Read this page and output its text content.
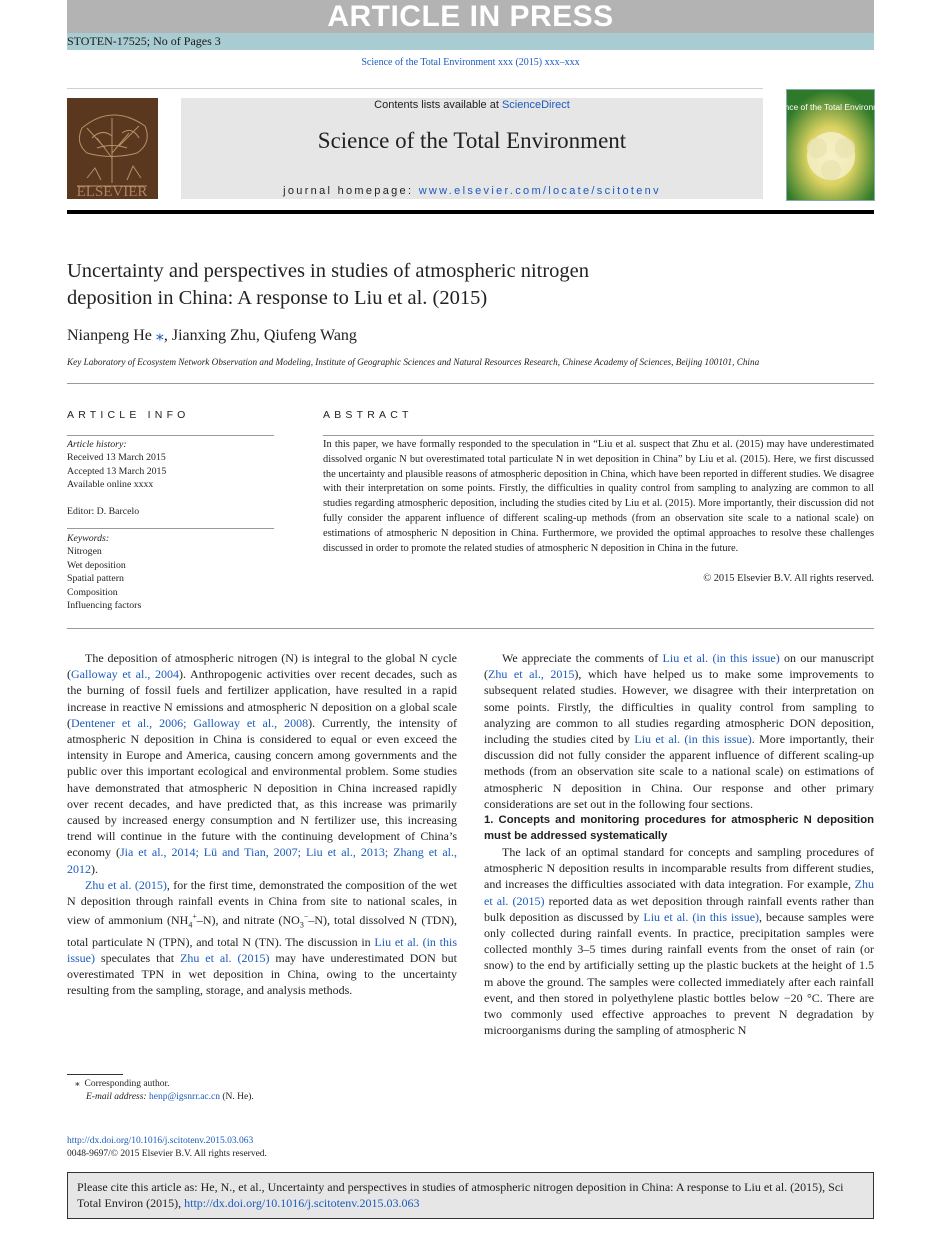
ARTICLE IN PRESS
STOTEN-17525; No of Pages 3
Science of the Total Environment xxx (2015) xxx–xxx
ELSEVIER
Contents lists available at ScienceDirect
Science of the Total Environment
journal homepage: www.elsevier.com/locate/scitotenv
Science of the Total Environment
Uncertainty and perspectives in studies of atmospheric nitrogen
deposition in China: A response to Liu et al. (2015)
Nianpeng He ⁎, Jianxing Zhu, Qiufeng Wang
Key Laboratory of Ecosystem Network Observation and Modeling, Institute of Geographic Sciences and Natural Resources Research, Chinese Academy of Sciences, Beijing 100101, China
ARTICLE INFO	ABSTRACT
Article history:
Received 13 March 2015
Accepted 13 March 2015
Available online xxxx
Editor: D. Barcelo
Keywords:
Nitrogen
Wet deposition
Spatial pattern
Composition
Influencing factors
In this paper, we have formally responded to the speculation in “Liu et al. suspect that Zhu et al. (2015) may have underestimated dissolved organic N but overestimated total particulate N in wet deposition in China” by Liu et al. (2015). Here, we first discussed the uncertainty and plausible reasons of atmospheric deposition in China, which have been reported in different studies. We disagree with their interpretation on some points. Firstly, the difficulties in quality control from sampling to analyzing are common to all studies regarding atmospheric deposition, including the studies cited by Liu et al. (2015). More importantly, their discussion did not fully consider the apparent influence of different scaling-up methods (from an observation site scale to a national scale) on estimations of atmospheric N deposition in China. Furthermore, we provided the optimal approaches to resolve these challenges discussed in order to promote the related studies of atmospheric N deposition in China in the future.
© 2015 Elsevier B.V. All rights reserved.

The deposition of atmospheric nitrogen (N) is integral to the global N cycle (Galloway et al., 2004). Anthropogenic activities over recent decades, such as the burning of fossil fuels and fertilizer application, have resulted in a rapid increase in reactive N emissions and atmospheric N deposition on a global scale (Dentener et al., 2006; Galloway et al., 2008). Currently, the intensity of atmospheric N deposition in China is considered to equal or even exceed the intensity in Europe and America, causing concern among governments and the public over this important ecological and environmental problem. Some studies have demonstrated that atmospheric N deposition in China increased rapidly over recent decades, and have predicted that, as this increase was primarily caused by increased energy consumption and N fertilizer use, this increasing trend will continue in the future with the continuing development of China’s economy (Jia et al., 2014; Lü and Tian, 2007; Liu et al., 2013; Zhang et al., 2012).

Zhu et al. (2015), for the first time, demonstrated the composition of the wet N deposition through rainfall events in China from site to national scales, in view of ammonium $(NH_4^+-N)$, and nitrate $(NO_3^--N)$, total dissolved N (TDN), total particulate N (TPN), and total N (TN). The discussion in Liu et al. (in this issue) speculates that Zhu et al. (2015) may have underestimated DON but overestimated TPN in wet deposition in China, owing to the uncertainty resulting from the sampling, storage, and analysis methods.

We appreciate the comments of Liu et al. (in this issue) on our manuscript (Zhu et al., 2015), which have helped us to make some improvements to subsequent related studies. However, we disagree with their interpretation on some points. Firstly, the difficulties in quality control from sampling to analyzing are common to all studies regarding atmospheric DON deposition, including the studies cited by Liu et al. (in this issue). More importantly, their discussion did not fully consider the apparent influence of different scaling-up methods (from an observation site scale to a national scale) on estimations of atmospheric N deposition in China. Our response and other primary considerations are set out in the following four sections.

1. Concepts and monitoring procedures for atmospheric N deposition must be addressed systematically

The lack of an optimal standard for concepts and sampling procedures of atmospheric N deposition results in incomparable results from different studies, and increases the difficulties associated with data integration. For example, Zhu et al. (2015) reported data as wet deposition through rainfall events rather than bulk deposition as discussed by Liu et al. (in this issue), because samples were only collected during rainfall events. In practice, precipitation samples were collected monthly 3–5 times during rainfall events from the onset of rain (or snow) to the end by artificially setting up the plastic buckets at the height of 1.5 m above the ground. The samples were collected immediately after each rainfall event, and then stored in polyethylene plastic bottles below −20 °C. There are two commonly used effective approaches to prevent N degradation by microorganisms during the sampling of atmospheric N

⁎ Corresponding author.
E-mail address: henp@igsnrr.ac.cn (N. He).
http://dx.doi.org/10.1016/j.scitotenv.2015.03.063
0048-9697/© 2015 Elsevier B.V. All rights reserved.
Please cite this article as: He, N., et al., Uncertainty and perspectives in studies of atmospheric nitrogen deposition in China: A response to Liu et al. (2015), Sci Total Environ (2015), http://dx.doi.org/10.1016/j.scitotenv.2015.03.063
